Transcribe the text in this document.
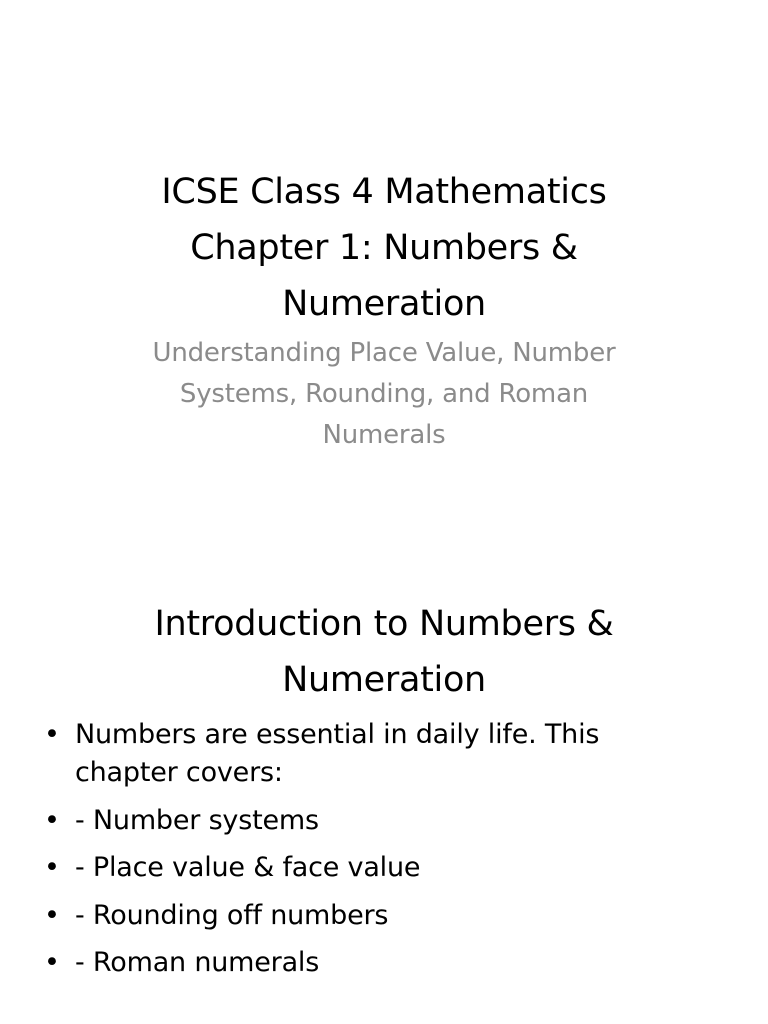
ICSE Class 4 Mathematics
Chapter 1: Numbers &
Numeration
Understanding Place Value, Number
Systems, Rounding, and Roman
Numerals
Introduction to Numbers &
Numeration
• Numbers are essential in daily life. This chapter covers:
• - Number systems
• - Place value & face value
• - Rounding off numbers
• - Roman numerals
